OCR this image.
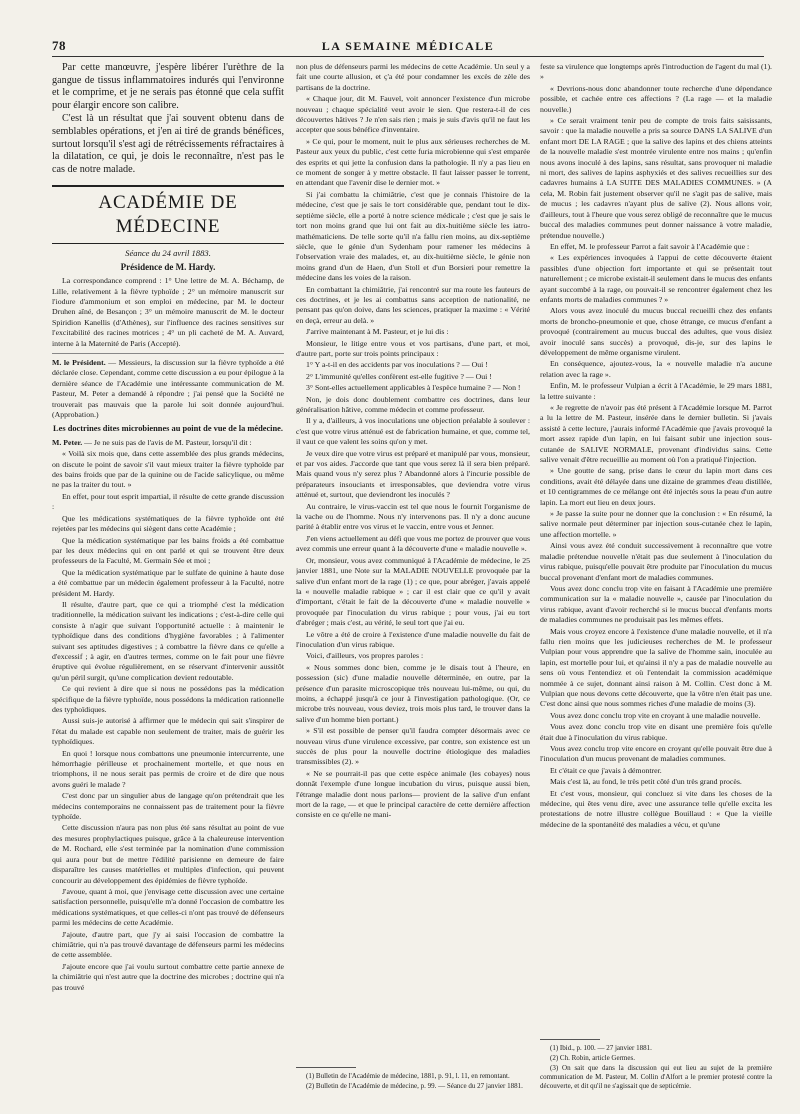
78	LA SEMAINE MÉDICALE

Par cette manœuvre, j'espère libérer l'urèthre de la gangue de tissus inflammatoires indurés qui l'environne et le comprime, et je ne serais pas étonné que cela suffit pour élargir encore son calibre.

C'est là un résultat que j'ai souvent obtenu dans de semblables opérations, et j'en ai tiré de grands bénéfices, surtout lorsqu'il s'est agi de rétrécissements réfractaires à la dilatation, ce qui, je dois le reconnaître, n'est pas le cas de notre malade.

ACADÉMIE DE MÉDECINE
Séance du 24 avril 1883.
Présidence de M. Hardy.

La correspondance comprend : 1° Une lettre de M. A. Béchamp, de Lille, relativement à la fièvre typhoïde ; 2° un mémoire manuscrit sur l'iodure d'ammonium et son emploi en médecine, par M. le docteur Druhen aîné, de Besançon ; 3° un mémoire manuscrit de M. le docteur Spiridion Kanellis (d'Athènes), sur l'influence des racines sensitives sur l'excitabilité des racines motrices ; 4° un pli cacheté de M. A. Auvard, interne à la Maternité de Paris (Accepté).

M. le Président. — Messieurs, la discussion sur la fièvre typhoïde a été déclarée close. Cependant, comme cette discussion a eu pour épilogue à la dernière séance de l'Académie une intéressante communication de M. Pasteur, M. Peter a demandé à répondre ; j'ai pensé que la Société ne trouverait pas mauvais que la parole lui soit donnée aujourd'hui. (Approbation.)

Les doctrines dites microbiennes au point de vue de la médecine.

M. Peter. — Je ne suis pas de l'avis de M. Pasteur, lorsqu'il dit :

« Voilà six mois que, dans cette assemblée des plus grands médecins, on discute le point de savoir s'il vaut mieux traiter la fièvre typhoïde par des bains froids que par de la quinine ou de l'acide salicylique, ou même ne pas la traiter du tout. »

En effet, pour tout esprit impartial, il résulte de cette grande discussion :

Que les médications systématiques de la fièvre typhoïde ont été rejetées par les médecins qui siègent dans cette Académie ;

Que la médication systématique par les bains froids a été combattue par les deux médecins qui en ont parlé et qui se trouvent être deux professeurs de la Faculté, M. Germain Sée et moi ;

Que la médication systématique par le sulfate de quinine à haute dose a été combattue par un médecin également professeur à la Faculté, notre président M. Hardy.

Il résulte, d'autre part, que ce qui a triomphé c'est la médication traditionnelle, la médication suivant les indications ; c'est-à-dire celle qui consiste à n'agir que suivant l'opportunité actuelle : à maintenir le typhoïdique dans des conditions d'hygiène favorables ; à l'alimenter suivant ses aptitudes digestives ; à combattre la fièvre dans ce qu'elle a d'excessif ; à agir, en d'autres termes, comme on le fait pour une fièvre éruptive qui évolue régulièrement, en se réservant d'intervenir aussitôt qu'un péril surgit, qu'une complication devient redoutable.

Ce qui revient à dire que si nous ne possédons pas la médication spécifique de la fièvre typhoïde, nous possédons la médication rationnelle des typhoïdiques.

Aussi suis-je autorisé à affirmer que le médecin qui sait s'inspirer de l'état du malade est capable non seulement de traiter, mais de guérir les typhoïdiques.

En quoi ! lorsque nous combattons une pneumonie intercurrente, une hémorrhagie périlleuse et prochainement mortelle, et que nous en triomphons, il ne nous serait pas permis de croire et de dire que nous avons guéri le malade ?

C'est donc par un singulier abus de langage qu'on prétendrait que les médecins contemporains ne connaissent pas de traitement pour la fièvre typhoïde.

Cette discussion n'aura pas non plus été sans résultat au point de vue des mesures prophylactiques puisque, grâce à la chaleureuse intervention de M. Rochard, elle s'est terminée par la nomination d'une commission qui aura pour but de mettre l'édilité parisienne en demeure de faire disparaître les causes matérielles et multiples d'infection, qui peuvent concourir au développement des épidémies de fièvre typhoïde.

J'avoue, quant à moi, que j'envisage cette discussion avec une certaine satisfaction personnelle, puisqu'elle m'a donné l'occasion de combattre les médications systématiques, et que celles-ci n'ont pas trouvé de défenseurs parmi les médecins de cette Académie.

J'ajoute, d'autre part, que j'y ai saisi l'occasion de combattre la chimiâtrie, qui n'a pas trouvé davantage de défenseurs parmi les médecins de cette assemblée.

J'ajoute encore que j'ai voulu surtout combattre cette partie annexe de la chimiâtrie qui n'est autre que la doctrine des microbes ; doctrine qui n'a pas trouvé

non plus de défenseurs parmi les médecins de cette Académie. Un seul y a fait une courte allusion, et ç'a été pour condamner les excès de zèle des partisans de la doctrine.

« Chaque jour, dit M. Fauvel, voit annoncer l'existence d'un microbe nouveau ; chaque spécialité veut avoir le sien. Que restera-t-il de ces découvertes hâtives ? Je n'en sais rien ; mais je suis d'avis qu'il ne faut les accepter que sous bénéfice d'inventaire.

» Ce qui, pour le moment, nuit le plus aux sérieuses recherches de M. Pasteur aux yeux du public, c'est cette furia microbienne qui s'est emparée des esprits et qui jette la confusion dans la pathologie. Il n'y a pas lieu en ce moment de songer à y mettre obstacle. Il faut laisser passer le torrent, en attendant que l'avenir dise le dernier mot. »

Si j'ai combattu la chimiâtrie, c'est que je connais l'histoire de la médecine, c'est que je sais le tort considérable que, pendant tout le dix-septième siècle, elle a porté à notre science médicale ; c'est que je sais le tort non moins grand que lui ont fait au dix-huitième siècle les iatro-mathématiciens. De telle sorte qu'il n'a fallu rien moins, au dix-septième siècle, que le génie d'un Sydenham pour ramener les médecins à l'observation vraie des malades, et, au dix-huitième siècle, le génie non moins grand d'un de Haen, d'un Stoll et d'un Borsieri pour remettre la médecine dans les voies de la raison.

En combattant la chimiâtrie, j'ai rencontré sur ma route les fauteurs de ces doctrines, et je les ai combattus sans acception de nationalité, ne pensant pas qu'on doive, dans les sciences, pratiquer la maxime : « Vérité en deçà, erreur au delà. »

J'arrive maintenant à M. Pasteur, et je lui dis :

Monsieur, le litige entre vous et vos partisans, d'une part, et moi, d'autre part, porte sur trois points principaux :

1° Y a-t-il en des accidents par vos inoculations ? — Oui !

2° L'immunité qu'elles confèrent est-elle fugitive ? — Oui !

3° Sont-elles actuellement applicables à l'espèce humaine ? — Non !

Non, je dois donc doublement combattre ces doctrines, dans leur généralisation hâtive, comme médecin et comme professeur.

Il y a, d'ailleurs, à vos inoculations une objection préalable à soulever : c'est que votre virus atténué est de fabrication humaine, et que, comme tel, il vaut ce que valent les soins qu'on y met.

Je veux dire que votre virus est préparé et manipulé par vous, monsieur, et par vos aides. J'accorde que tant que vous serez là il sera bien préparé. Mais quand vous n'y serez plus ? Abandonné alors à l'incurie possible de préparateurs insouciants et irresponsables, que deviendra votre virus atténué et, surtout, que deviendront les inoculés ?

Au contraire, le virus-vaccin est tel que nous le fournit l'organisme de la vache ou de l'homme. Nous n'y intervenons pas. Il n'y a donc aucune parité à établir entre vos virus et le vaccin, entre vous et Jenner.

J'en viens actuellement au défi que vous me portez de prouver que vous avez commis une erreur quant à la découverte d'une « maladie nouvelle ».

Or, monsieur, vous avez communiqué à l'Académie de médecine, le 25 janvier 1881, une Note sur la MALADIE NOUVELLE provoquée par la salive d'un enfant mort de la rage (1) ; ce que, pour abréger, j'avais appelé la « nouvelle maladie rabique » ; car il est clair que ce qu'il y avait d'important, c'était le fait de la découverte d'une « maladie nouvelle » provoquée par l'inoculation du virus rabique ; pour vous, j'ai eu tort d'abréger ; mais c'est, au vérité, le seul tort que j'ai eu.

Le vôtre a été de croire à l'existence d'une maladie nouvelle du fait de l'inoculation d'un virus rabique.

Voici, d'ailleurs, vos propres paroles :

« Nous sommes donc bien, comme je le disais tout à l'heure, en possession (sic) d'une maladie nouvelle déterminée, en outre, par la présence d'un parasite microscopique très nouveau lui-même, ou qui, du moins, a échappé jusqu'à ce jour à l'investigation pathologique. (Or, ce microbe très nouveau, vous deviez, trois mois plus tard, le trouver dans la salive d'un homme bien portant.)

» S'il est possible de penser qu'il faudra compter désormais avec ce nouveau virus d'une virulence excessive, par contre, son existence est un succès de plus pour la nouvelle doctrine étiologique des maladies transmissibles (2). »

« Ne se pourrait-il pas que cette espèce animale (les cobayes) nous donnât l'exemple d'une longue incubation du virus, puisque aussi bien, l'étrange maladie dont nous parlons— provient de la salive d'un enfant mort de la rage, — et que le principal caractère de cette dernière affection consiste en ce qu'elle ne mani-

(1) Bulletin de l'Académie de médecine, 1881, p. 91, l. 11, en remontant.

(2) Bulletin de l'Académie de médecine, p. 99. — Séance du 27 janvier 1881.

feste sa virulence que longtemps après l'introduction de l'agent du mal (1). »

« Devrions-nous donc abandonner toute recherche d'une dépendance possible, et cachée entre ces affections ? (La rage — et la maladie nouvelle.)

» Ce serait vraiment tenir peu de compte de trois faits saisissants, savoir : que la maladie nouvelle a pris sa source DANS LA SALIVE d'un enfant mort DE LA RAGE ; que la salive des lapins et des chiens atteints de la nouvelle maladie s'est montrée virulente entre nos mains ; qu'enfin nous avons inoculé à des lapins, sans résultat, sans provoquer ni maladie ni mort, des salives de lapins asphyxiés et des salives recueillies sur des cadavres humains à LA SUITE DES MALADIES COMMUNES. » (A cela, M. Robin fait justement observer qu'il ne s'agit pas de salive, mais de mucus ; les cadavres n'ayant plus de salive (2). Nous allons voir, d'ailleurs, tout à l'heure que vous serez obligé de reconnaître que le mucus buccal des maladies communes peut donner naissance à votre maladie, prétendue nouvelle.)

En effet, M. le professeur Parrot a fait savoir à l'Académie que :

« Les expériences invoquées à l'appui de cette découverte étaient passibles d'une objection fort importante et qui se présentait tout naturellement ; ce microbe existait-il seulement dans le mucus des enfants ayant succombé à la rage, ou pouvait-il se rencontrer également chez les enfants morts de maladies communes ? »

Alors vous avez inoculé du mucus buccal recueilli chez des enfants morts de broncho-pneumonie et que, chose étrange, ce mucus d'enfant a provoqué (contrairement au mucus buccal des adultes, que vous disiez avoir inoculé sans succès) a provoqué, dis-je, sur des lapins le développement de même organisme virulent.

En conséquence, ajoutez-vous, la « nouvelle maladie n'a aucune relation avec la rage ».

Enfin, M. le professeur Vulpian a écrit à l'Académie, le 29 mars 1881, la lettre suivante :

« Je regrette de n'avoir pas été présent à l'Académie lorsque M. Parrot a lu la lettre de M. Pasteur, insérée dans le dernier bulletin. Si j'avais assisté à cette lecture, j'aurais informé l'Académie que j'avais provoqué la mort assez rapide d'un lapin, en lui faisant subir une injection sous-cutanée de SALIVE NORMALE, provenant d'individus sains. Cette salive venait d'être recueillie au moment où l'on a pratiqué l'injection.

» Une goutte de sang, prise dans le cœur du lapin mort dans ces conditions, avait été délayée dans une dizaine de grammes d'eau distillée, et 10 centigrammes de ce mélange ont été injectés sous la peau d'un autre lapin. La mort eut lieu en deux jours.

» Je passe la suite pour ne donner que la conclusion : « En résumé, la salive normale peut déterminer par injection sous-cutanée chez le lapin, une affection mortelle. »

Ainsi vous avez été conduit successivement à reconnaître que votre maladie prétendue nouvelle n'était pas due seulement à l'inoculation du virus rabique, puisqu'elle pouvait être produite par l'inoculation du mucus buccal provenant d'enfant mort de maladies communes.

Vous avez donc conclu trop vite en faisant à l'Académie une première communication sur la « maladie nouvelle », causée par l'inoculation du virus rabique, avant d'avoir recherché si le mucus buccal d'enfants morts de maladies communes ne produisait pas les mêmes effets.

Mais vous croyez encore à l'existence d'une maladie nouvelle, et il n'a fallu rien moins que les judicieuses recherches de M. le professeur Vulpian pour vous apprendre que la salive de l'homme sain, inoculée au lapin, est mortelle pour lui, et qu'ainsi il n'y a pas de maladie nouvelle au sens où vous l'entendiez et où l'entendait la commission académique nommée à ce sujet, donnant ainsi raison à M. Collin. C'est donc à M. Vulpian que nous devons cette découverte, que la vôtre n'en était pas une. C'est donc ainsi que nous sommes riches d'une maladie de moins (3).

Vous avez donc conclu trop vite en croyant à une maladie nouvelle.

Vous avez donc conclu trop vite en disant une première fois qu'elle était due à l'inoculation du virus rabique.

Vous avez conclu trop vite encore en croyant qu'elle pouvait être due à l'inoculation d'un mucus provenant de maladies communes.

Et c'était ce que j'avais à démontrer.

Mais c'est là, au fond, le très petit côté d'un très grand procès.

Et c'est vous, monsieur, qui concluez si vite dans les choses de la médecine, qui êtes venu dire, avec une assurance telle qu'elle excita les protestations de notre illustre collègue Bouillaud : « Que la vieille médecine de la spontanéité des maladies a vécu, et qu'une

(1) Ibid., p. 100. — 27 janvier 1881.

(2) Ch. Robin, article Germes.

(3) On sait que dans la discussion qui eut lieu au sujet de la première communication de M. Pasteur, M. Collin d'Alfort a le premier protesté contre la découverte, et dit qu'il ne s'agissait que de septicémie.
